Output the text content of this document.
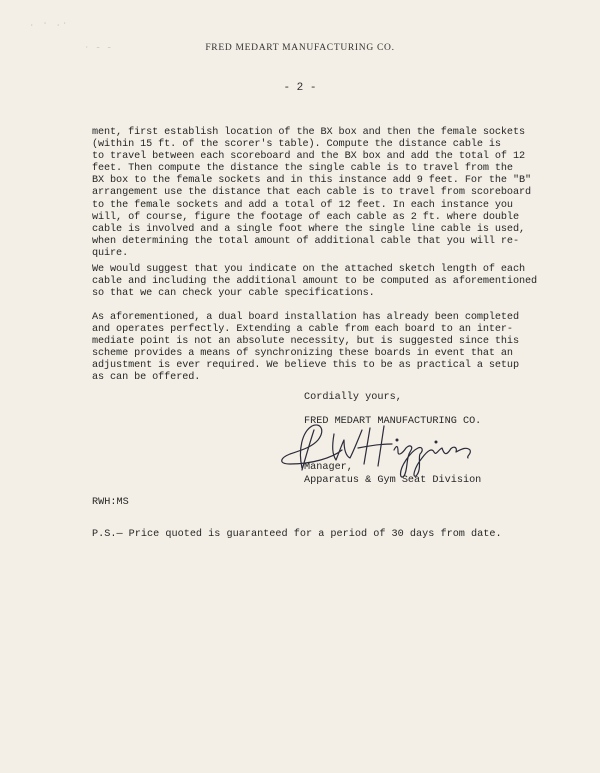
· ʻ ·ʼ
· – –	FRED MEDART MANUFACTURING CO.
- 2 -

ment, first establish location of the BX box and then the female sockets

(within 15 ft. of the scorer's table). Compute the distance cable is

to travel between each scoreboard and the BX box and add the total of 12

feet. Then compute the distance the single cable is to travel from the

BX box to the female sockets and in this instance add 9 feet. For the "B"

arrangement use the distance that each cable is to travel from scoreboard

to the female sockets and add a total of 12 feet. In each instance you

will, of course, figure the footage of each cable as 2 ft. where double

cable is involved and a single foot where the single line cable is used,

when determining the total amount of additional cable that you will re-

quire.

We would suggest that you indicate on the attached sketch length of each

cable and including the additional amount to be computed as aforementioned

so that we can check your cable specifications.

As aforementioned, a dual board installation has already been completed

and operates perfectly. Extending a cable from each board to an inter-

mediate point is not an absolute necessity, but is suggested since this

scheme provides a means of synchronizing these boards in event that an

adjustment is ever required. We believe this to be as practical a setup

as can be offered.

Cordially yours,
FRED MEDART MANUFACTURING CO.
Manager,
Apparatus & Gym Seat Division
RWH:MS
P.S.— Price quoted is guaranteed for a period of 30 days from date.
